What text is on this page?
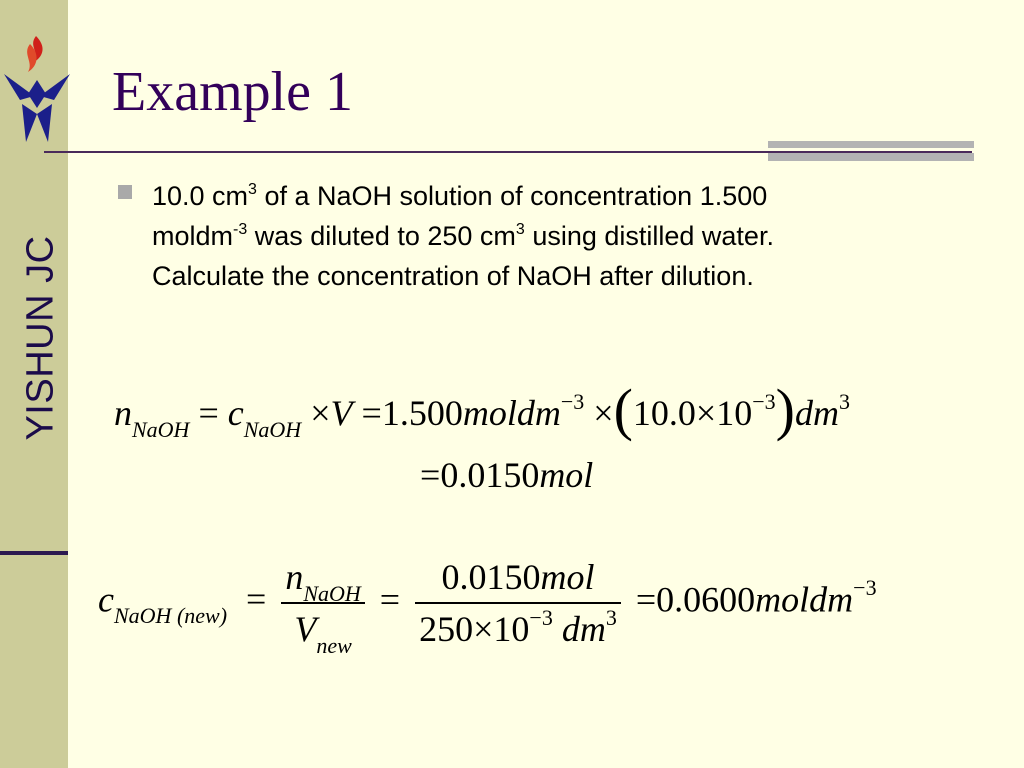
YISHUN JC
Example 1
10.0 $cm^3$ of a NaOH solution of concentration 1.500
moldm$^{-3}$ was diluted to 250 $cm^3$ using distilled water.
Calculate the concentration of NaOH after dilution.
$n_{NaOH} = c_{NaOH} \times V$ =1.500moldm$^{-3}$ $\times(10.0\times 10^{-3})dm^3$
=0.0150mol
$c_{NaOH (new)} = \frac{n_{NaOH}}{V_{new}} = \frac{\text{0.0150mol}}{250\times 10^{-3} dm^3}$ =0.0600moldm$^{-3}$
